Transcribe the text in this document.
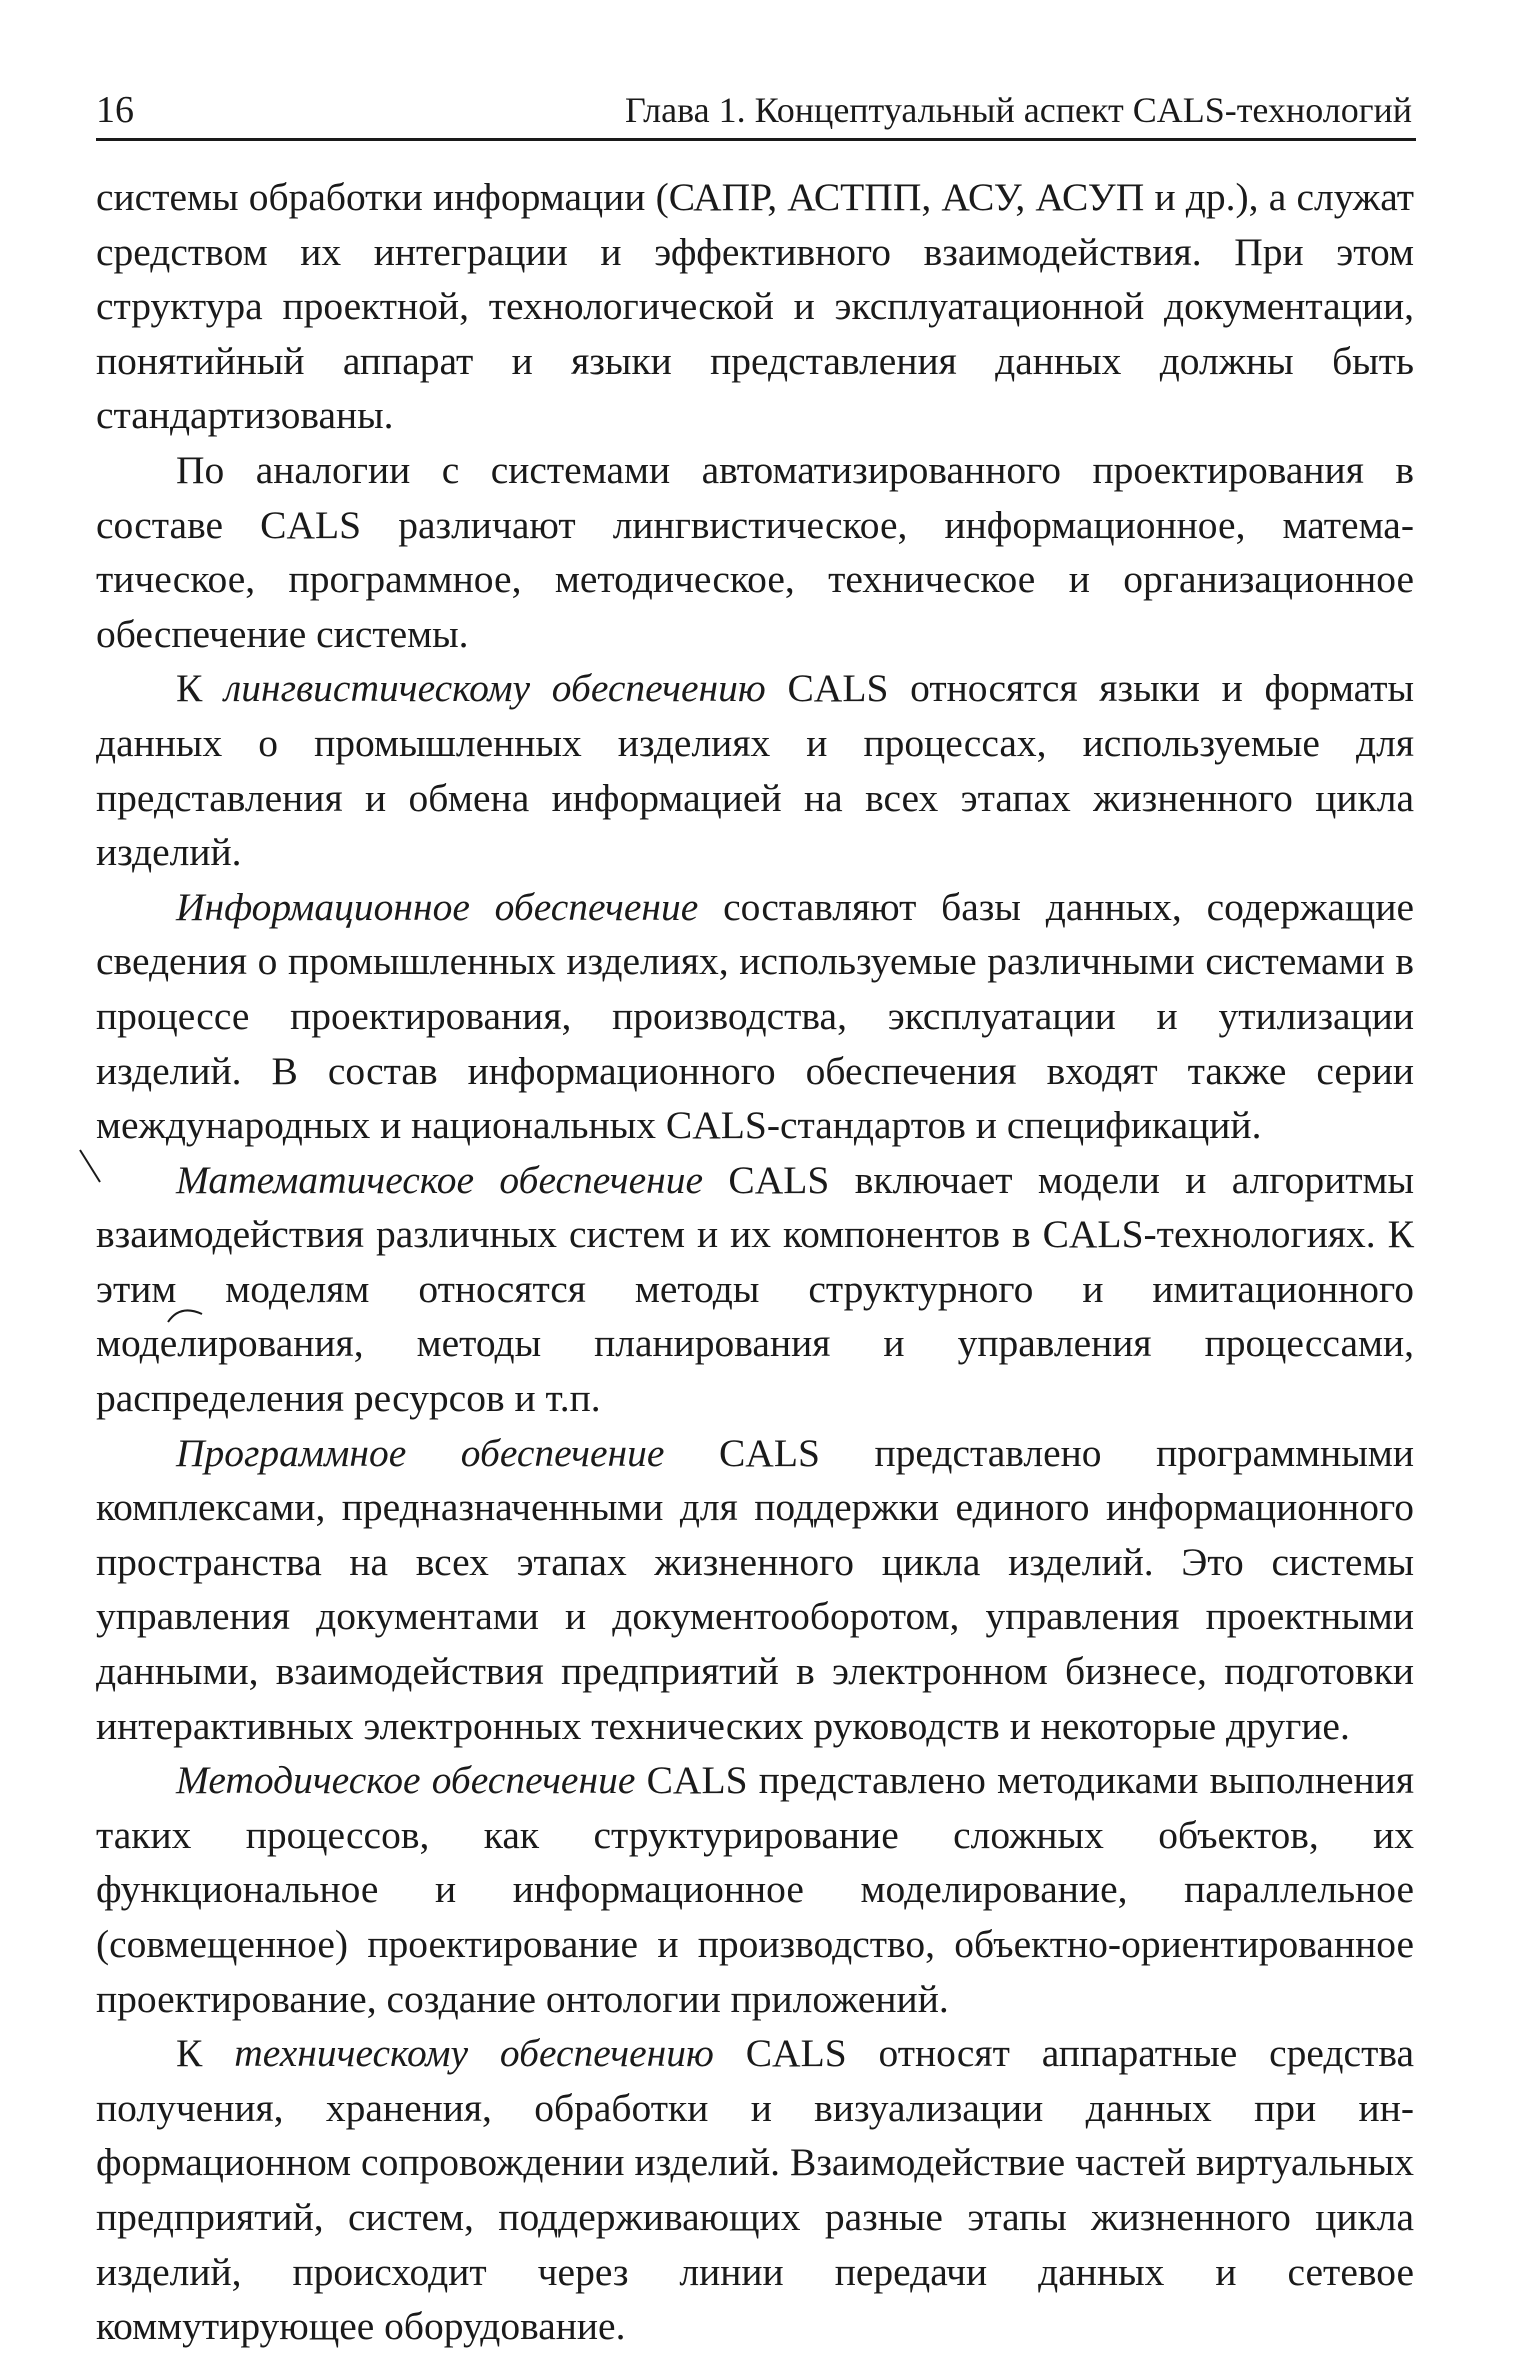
16	Глава 1. Концептуальный аспект CALS-технологий

системы обработки информации (САПР, АСТПП, АСУ, АСУП и др.), а служат средством их интеграции и эффективного взаимодействия. При этом структура проектной, технологической и эксплуатационной документации, понятийный аппарат и языки представления данных должны быть стандартизованы.

По аналогии с системами автоматизированного проектирования в составе CALS различают лингвистическое, информационное, математическое, программное, методическое, техническое и организационное обеспечение системы.

К лингвистическому обеспечению CALS относятся языки и форматы данных о промышленных изделиях и процессах, используемые для представления и обмена информацией на всех этапах жизненного цикла изделий.

Информационное обеспечение составляют базы данных, содержащие сведения о промышленных изделиях, используемые различными системами в процессе проектирования, производства, эксплуатации и утилизации изделий. В состав информационного обеспечения входят также серии международных и национальных CALS-стандартов и спецификаций.

Математическое обеспечение CALS включает модели и алгоритмы взаимодействия различных систем и их компонентов в CALS-технологиях. К этим моделям относятся методы структурного и имитационного моделирования, методы планирования и управления процессами, распределения ресурсов и т.п.

Программное обеспечение CALS представлено программными комплексами, предназначенными для поддержки единого информационного пространства на всех этапах жизненного цикла изделий. Это системы управления документами и документооборотом, управления проектными данными, взаимодействия предприятий в электронном бизнесе, подготовки интерактивных электронных технических руководств и некоторые другие.

Методическое обеспечение CALS представлено методиками выполнения таких процессов, как структурирование сложных объектов, их функциональное и информационное моделирование, параллельное (совмещенное) проектирование и производство, объектно-ориентированное проектирование, создание онтологии приложений.

К техническому обеспечению CALS относят аппаратные средства получения, хранения, обработки и визуализации данных при информационном сопровождении изделий. Взаимодействие частей виртуальных предприятий, систем, поддерживающих разные этапы жизненного цикла изделий, происходит через линии передачи данных и сетевое коммутирующее оборудование.
